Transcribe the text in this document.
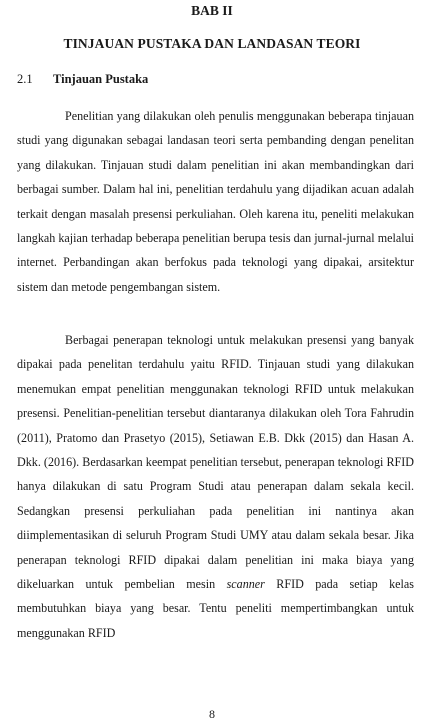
BAB II
TINJAUAN PUSTAKA DAN LANDASAN TEORI
2.1 Tinjauan Pustaka

Penelitian yang dilakukan oleh penulis menggunakan beberapa tinjauan studi yang digunakan sebagai landasan teori serta pembanding dengan penelitan yang dilakukan. Tinjauan studi dalam penelitian ini akan membandingkan dari berbagai sumber. Dalam hal ini, penelitian terdahulu yang dijadikan acuan adalah terkait dengan masalah presensi perkuliahan. Oleh karena itu, peneliti melakukan langkah kajian terhadap beberapa penelitian berupa tesis dan jurnal-jurnal melalui internet. Perbandingan akan berfokus pada teknologi yang dipakai, arsitektur sistem dan metode pengembangan sistem.

Berbagai penerapan teknologi untuk melakukan presensi yang banyak dipakai pada penelitan terdahulu yaitu RFID. Tinjauan studi yang dilakukan menemukan empat penelitian menggunakan teknologi RFID untuk melakukan presensi. Penelitian-penelitian tersebut diantaranya dilakukan oleh Tora Fahrudin (2011), Pratomo dan Prasetyo (2015), Setiawan E.B. Dkk (2015) dan Hasan A. Dkk. (2016). Berdasarkan keempat penelitian tersebut, penerapan teknologi RFID hanya dilakukan di satu Program Studi atau penerapan dalam sekala kecil. Sedangkan presensi perkuliahan pada penelitian ini nantinya akan diimplementasikan di seluruh Program Studi UMY atau dalam sekala besar. Jika penerapan teknologi RFID dipakai dalam penelitian ini maka biaya yang dikeluarkan untuk pembelian mesin scanner RFID pada setiap kelas membutuhkan biaya yang besar. Tentu peneliti mempertimbangkan untuk menggunakan RFID

8
